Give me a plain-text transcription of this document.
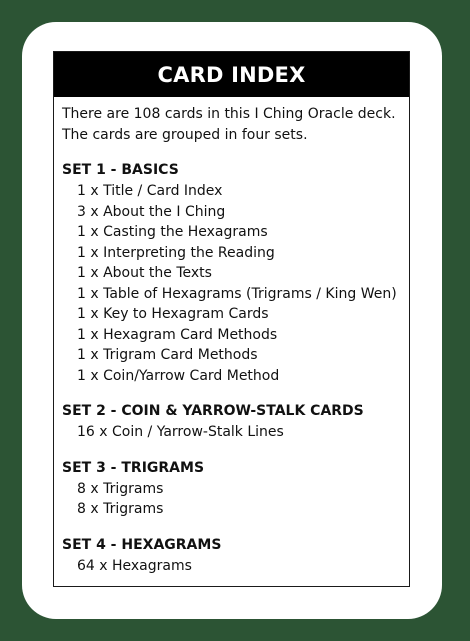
CARD INDEX

There are 108 cards in this I Ching Oracle deck.
The cards are grouped in four sets.

SET 1 - BASICS
1 x Title / Card Index
3 x About the I Ching
1 x Casting the Hexagrams
1 x Interpreting the Reading
1 x About the Texts
1 x Table of Hexagrams (Trigrams / King Wen)
1 x Key to Hexagram Cards
1 x Hexagram Card Methods
1 x Trigram Card Methods
1 x Coin/Yarrow Card Method
SET 2 - COIN & YARROW-STALK CARDS
16 x Coin / Yarrow-Stalk Lines
SET 3 - TRIGRAMS
8 x Trigrams
8 x Trigrams
SET 4 - HEXAGRAMS
64 x Hexagrams
